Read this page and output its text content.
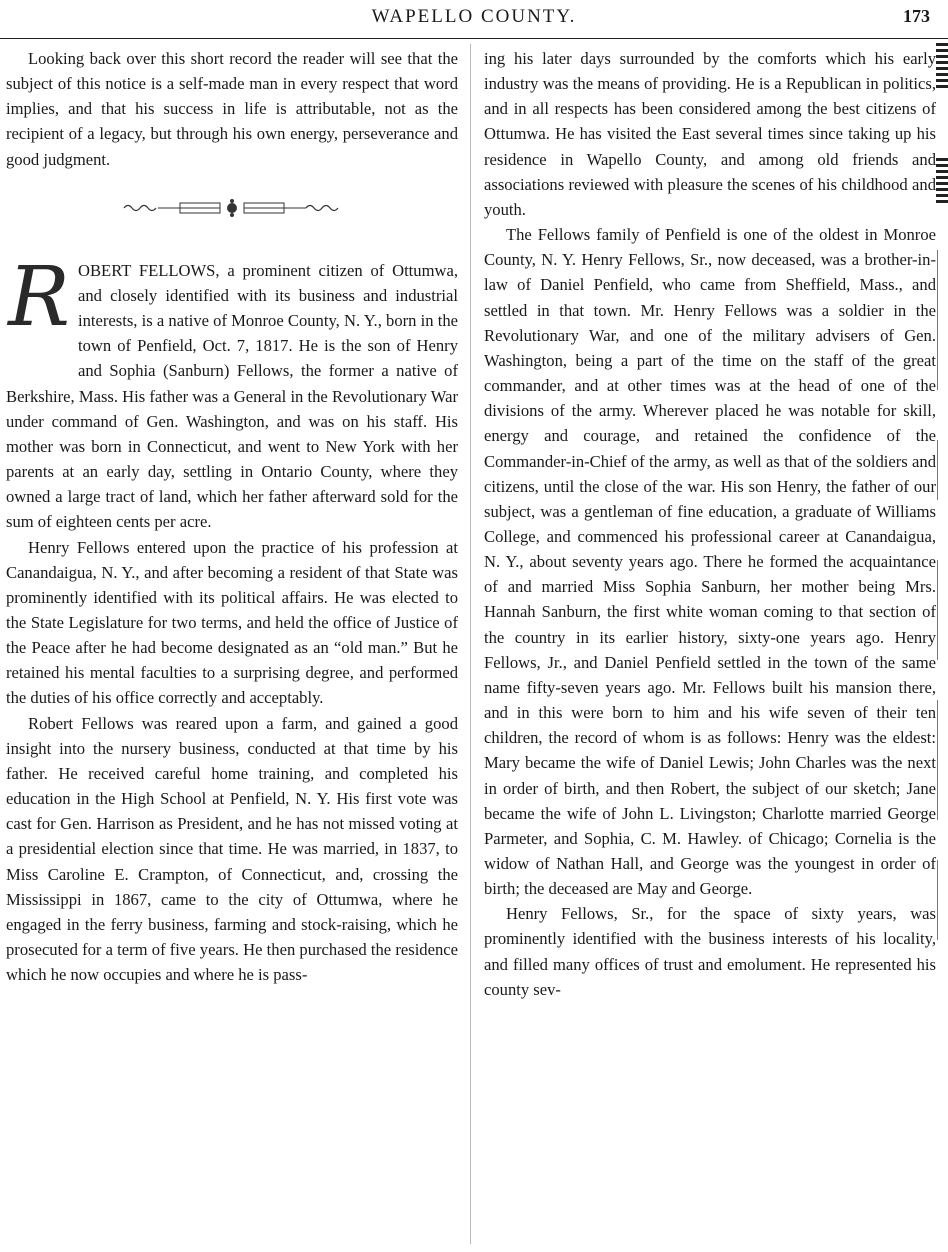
WAPELLO COUNTY.	173

Looking back over this short record the reader will see that the subject of this notice is a self-made man in every respect that word implies, and that his success in life is attributable, not as the recipient of a legacy, but through his own energy, perseverance and good judgment.

ROBERT FELLOWS, a prominent citizen of Ottumwa, and closely identified with its business and industrial interests, is a native of Monroe County, N. Y., born in the town of Penfield, Oct. 7, 1817. He is the son of Henry and Sophia (Sanburn) Fellows, the former a native of Berkshire, Mass. His father was a General in the Revolutionary War under command of Gen. Washington, and was on his staff. His mother was born in Connecticut, and went to New York with her parents at an early day, settling in Ontario County, where they owned a large tract of land, which her father afterward sold for the sum of eighteen cents per acre.

Henry Fellows entered upon the practice of his profession at Canandaigua, N. Y., and after becoming a resident of that State was prominently identified with its political affairs. He was elected to the State Legislature for two terms, and held the office of Justice of the Peace after he had become designated as an “old man.” But he retained his mental faculties to a surprising degree, and performed the duties of his office correctly and acceptably.

Robert Fellows was reared upon a farm, and gained a good insight into the nursery business, conducted at that time by his father. He received careful home training, and completed his education in the High School at Penfield, N. Y. His first vote was cast for Gen. Harrison as President, and he has not missed voting at a presidential election since that time. He was married, in 1837, to Miss Caroline E. Crampton, of Connecticut, and, crossing the Mississippi in 1867, came to the city of Ottumwa, where he engaged in the ferry business, farming and stock-raising, which he prosecuted for a term of five years. He then purchased the residence which he now occupies and where he is pass-

ing his later days surrounded by the comforts which his early industry was the means of providing. He is a Republican in politics, and in all respects has been considered among the best citizens of Ottumwa. He has visited the East several times since taking up his residence in Wapello County, and among old friends and associations reviewed with pleasure the scenes of his childhood and youth.

The Fellows family of Penfield is one of the oldest in Monroe County, N. Y. Henry Fellows, Sr., now deceased, was a brother-in-law of Daniel Penfield, who came from Sheffield, Mass., and settled in that town. Mr. Henry Fellows was a soldier in the Revolutionary War, and one of the military advisers of Gen. Washington, being a part of the time on the staff of the great commander, and at other times was at the head of one of the divisions of the army. Wherever placed he was notable for skill, energy and courage, and retained the confidence of the Commander-in-Chief of the army, as well as that of the soldiers and citizens, until the close of the war. His son Henry, the father of our subject, was a gentleman of fine education, a graduate of Williams College, and commenced his professional career at Canandaigua, N. Y., about seventy years ago. There he formed the acquaintance of and married Miss Sophia Sanburn, her mother being Mrs. Hannah Sanburn, the first white woman coming to that section of the country in its earlier history, sixty-one years ago. Henry Fellows, Jr., and Daniel Penfield settled in the town of the same name fifty-seven years ago. Mr. Fellows built his mansion there, and in this were born to him and his wife seven of their ten children, the record of whom is as follows: Henry was the eldest: Mary became the wife of Daniel Lewis; John Charles was the next in order of birth, and then Robert, the subject of our sketch; Jane became the wife of John L. Livingston; Charlotte married George Parmeter, and Sophia, C. M. Hawley. of Chicago; Cornelia is the widow of Nathan Hall, and George was the youngest in order of birth; the deceased are May and George.

Henry Fellows, Sr., for the space of sixty years, was prominently identified with the business interests of his locality, and filled many offices of trust and emolument. He represented his county sev-
